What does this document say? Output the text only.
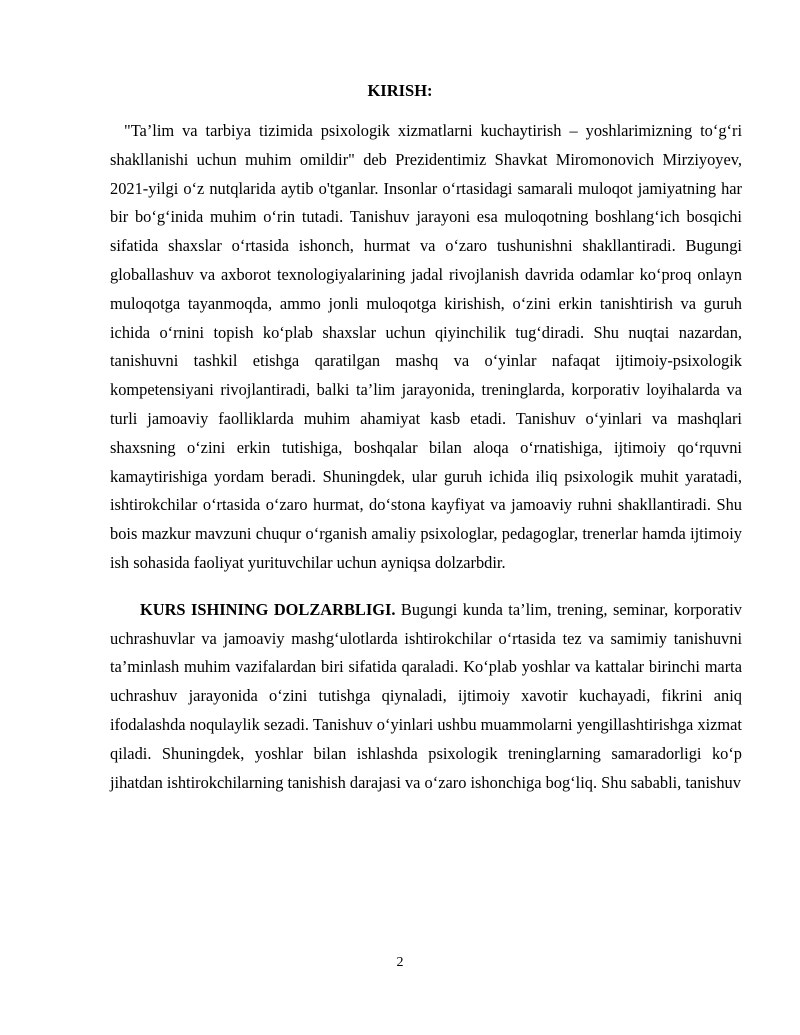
KIRISH:

"Ta’lim va tarbiya tizimida psixologik xizmatlarni kuchaytirish – yoshlarimizning to‘g‘ri shakllanishi uchun muhim omildir" deb Prezidentimiz Shavkat Miromonovich Mirziyoyev, 2021-yilgi o‘z nutqlarida aytib o'tganlar. Insonlar o‘rtasidagi samarali muloqot jamiyatning har bir bo‘g‘inida muhim o‘rin tutadi. Tanishuv jarayoni esa muloqotning boshlang‘ich bosqichi sifatida shaxslar o‘rtasida ishonch, hurmat va o‘zaro tushunishni shakllantiradi. Bugungi globallashuv va axborot texnologiyalarining jadal rivojlanish davrida odamlar ko‘proq onlayn muloqotga tayanmoqda, ammo jonli muloqotga kirishish, o‘zini erkin tanishtirish va guruh ichida o‘rnini topish ko‘plab shaxslar uchun qiyinchilik tug‘diradi. Shu nuqtai nazardan, tanishuvni tashkil etishga qaratilgan mashq va o‘yinlar nafaqat ijtimoiy-psixologik kompetensiyani rivojlantiradi, balki ta’lim jarayonida, treninglarda, korporativ loyihalarda va turli jamoaviy faolliklarda muhim ahamiyat kasb etadi. Tanishuv o‘yinlari va mashqlari shaxsning o‘zini erkin tutishiga, boshqalar bilan aloqa o‘rnatishiga, ijtimoiy qo‘rquvni kamaytirishiga yordam beradi. Shuningdek, ular guruh ichida iliq psixologik muhit yaratadi, ishtirokchilar o‘rtasida o‘zaro hurmat, do‘stona kayfiyat va jamoaviy ruhni shakllantiradi. Shu bois mazkur mavzuni chuqur o‘rganish amaliy psixologlar, pedagoglar, trenerlar hamda ijtimoiy ish sohasida faoliyat yurituvchilar uchun ayniqsa dolzarbdir.

KURS ISHINING DOLZARBLIGI. Bugungi kunda ta’lim, trening, seminar, korporativ uchrashuvlar va jamoaviy mashg‘ulotlarda ishtirokchilar o‘rtasida tez va samimiy tanishuvni ta’minlash muhim vazifalardan biri sifatida qaraladi. Ko‘plab yoshlar va kattalar birinchi marta uchrashuv jarayonida o‘zini tutishga qiynaladi, ijtimoiy xavotir kuchayadi, fikrini aniq ifodalashda noqulaylik sezadi. Tanishuv o‘yinlari ushbu muammolarni yengillashtirishga xizmat qiladi. Shuningdek, yoshlar bilan ishlashda psixologik treninglarning samaradorligi ko‘p jihatdan ishtirokchilarning tanishish darajasi va o‘zaro ishonchiga bog‘liq. Shu sababli, tanishuv

2
